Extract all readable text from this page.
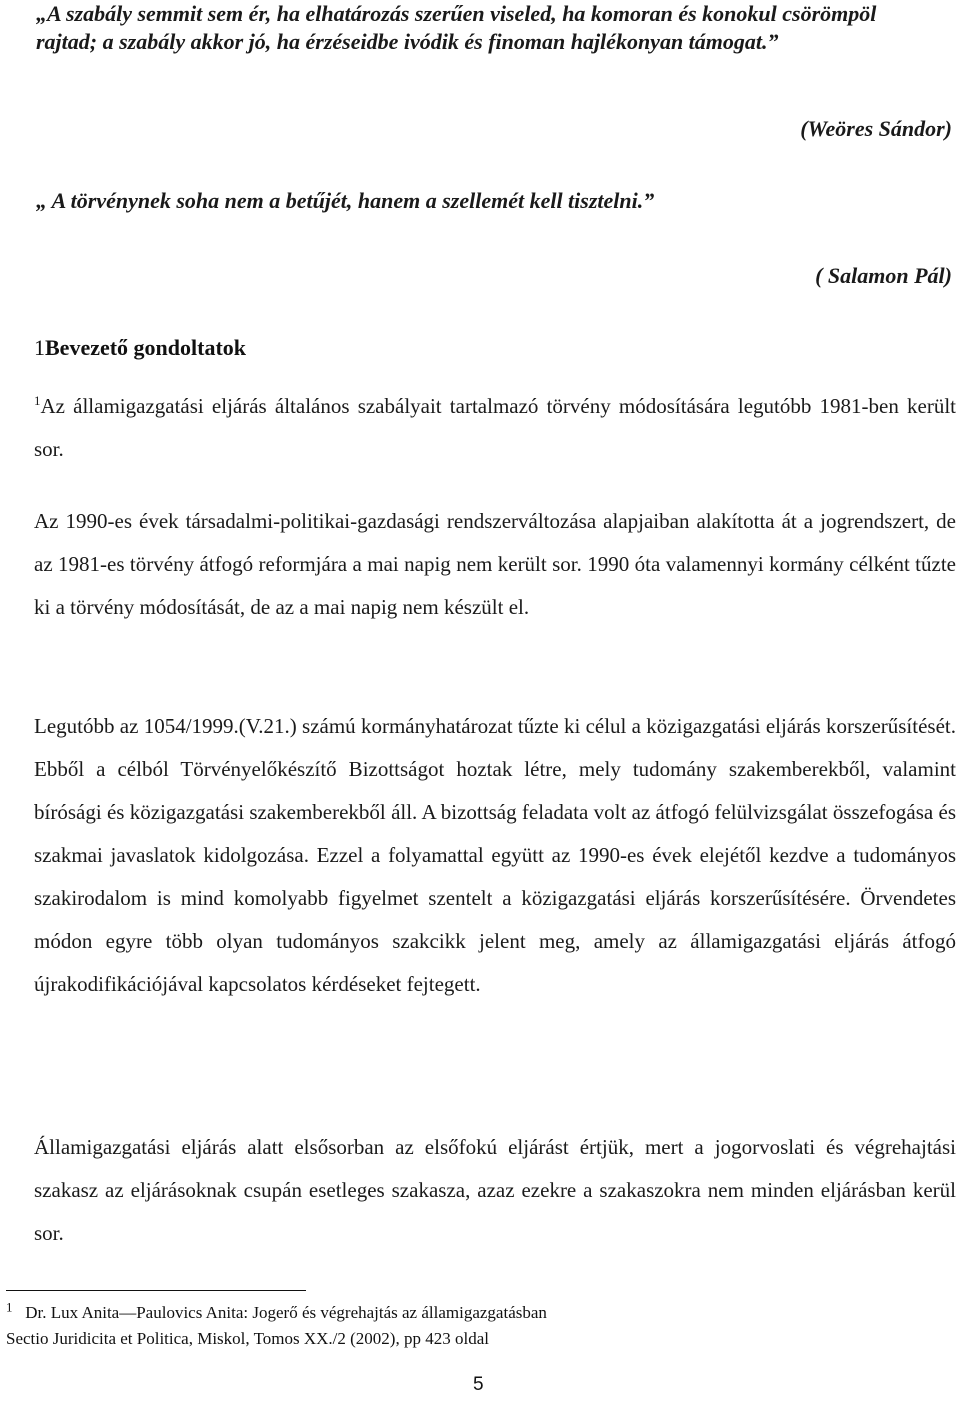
„A szabály semmit sem ér, ha elhatározás szerűen viseled, ha komoran és konokul csörömpöl rajtad; a szabály akkor jó, ha érzéseidbe ivódik és finoman hajlékonyan támogat.”
(Weöres Sándor)
„ A törvénynek soha nem a betűjét, hanem a szellemét kell tisztelni.”
( Salamon Pál)
1Bevezető gondoltatok
$^1$Az államigazgatási eljárás általános szabályait tartalmazó törvény módosítására legutóbb 1981-ben került sor.
Az 1990-es évek társadalmi-politikai-gazdasági rendszerváltozása alapjaiban alakította át a jogrendszert, de az 1981-es törvény átfogó reformjára a mai napig nem került sor. 1990 óta valamennyi kormány célként tűzte ki a törvény módosítását, de az a mai napig nem készült el.
Legutóbb az 1054/1999.(V.21.) számú kormányhatározat tűzte ki célul a közigazgatási eljárás korszerűsítését. Ebből a célból Törvényelőkészítő Bizottságot hoztak létre, mely tudomány szakemberekből, valamint bírósági és közigazgatási szakemberekből áll. A bizottság feladata volt az átfogó felülvizsgálat összefogása és szakmai javaslatok kidolgozása. Ezzel a folyamattal együtt az 1990-es évek elejétől kezdve a tudományos szakirodalom is mind komolyabb figyelmet szentelt a közigazgatási eljárás korszerűsítésére. Örvendetes módon egyre több olyan tudományos szakcikk jelent meg, amely az államigazgatási eljárás átfogó újrakodifikációjával kapcsolatos kérdéseket fejtegett.
Államigazgatási eljárás alatt elsősorban az elsőfokú eljárást értjük, mert a jogorvoslati és végrehajtási szakasz az eljárásoknak csupán esetleges szakasza, azaz ezekre a szakaszokra nem minden eljárásban kerül sor.
$^1$ Dr. Lux Anita—Paulovics Anita: Jogerő és végrehajtás az államigazgatásban
Sectio Juridicita et Politica, Miskol, Tomos XX./2 (2002), pp 423 oldal
5
